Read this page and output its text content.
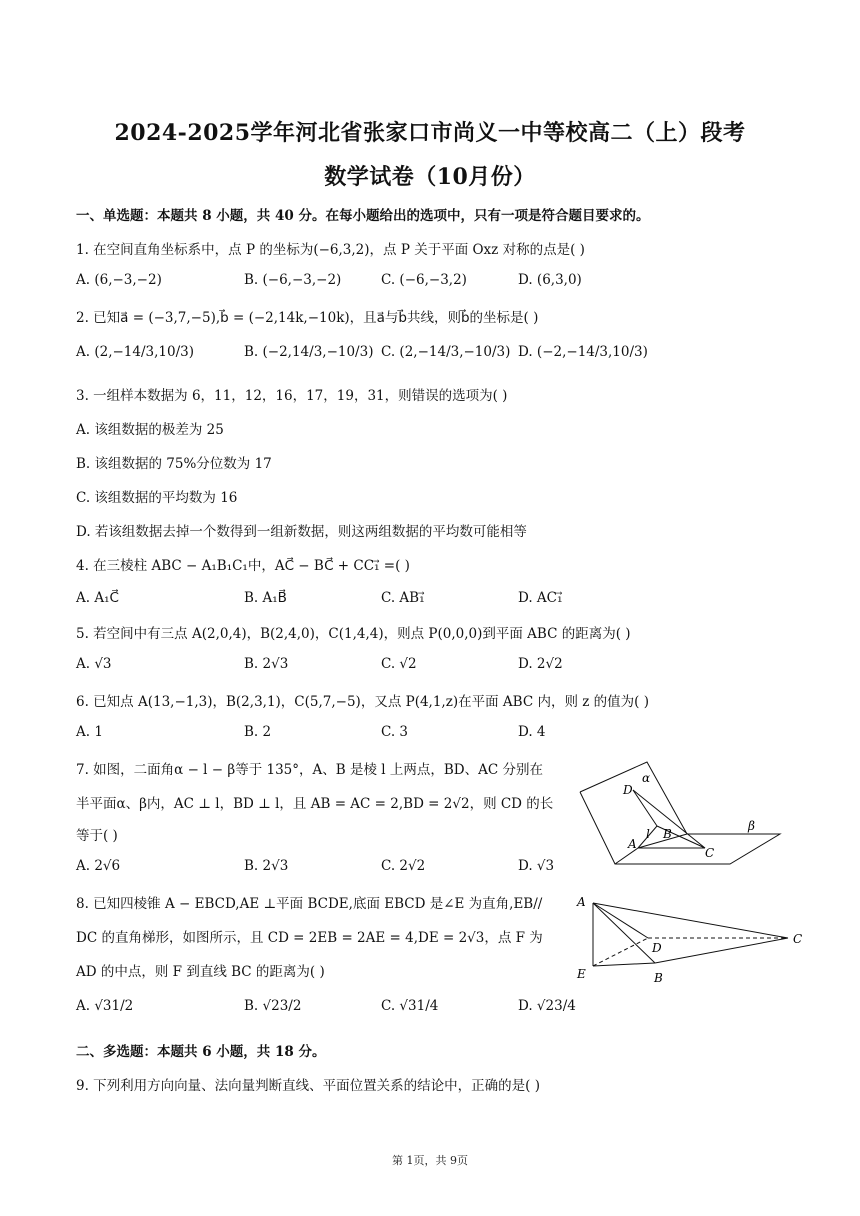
2024-2025学年河北省张家口市尚义一中等校高二（上）段考
数学试卷（10月份）
一、单选题：本题共 8 小题，共 40 分。在每小题给出的选项中，只有一项是符合题目要求的。
1. 在空间直角坐标系中，点 P 的坐标为(−6,3,2)，点 P 关于平面 Oxz 对称的点是( )
A. (6,−3,−2)	B. (−6,−3,−2)	C. (−6,−3,2)	D. (6,3,0)
2. 已知a⃗ = (−3,7,−5),b⃗ = (−2,14k,−10k)，且a⃗与b⃗共线，则b⃗的坐标是( )
A. (2,−14/3,10/3)	B. (−2,14/3,−10/3) C. (2,−14/3,−10/3) D. (−2,−14/3,10/3)
3. 一组样本数据为 6，11，12，16，17，19，31，则错误的选项为( )
A. 该组数据的极差为 25
B. 该组数据的 75%分位数为 17
C. 该组数据的平均数为 16
D. 若该组数据去掉一个数得到一组新数据，则这两组数据的平均数可能相等
4. 在三棱柱 ABC − A₁B₁C₁中，AC⃗ − BC⃗ + CC₁⃗ =( )
A. A₁C⃗	B. A₁B⃗	C. AB₁⃗	D. AC₁⃗
5. 若空间中有三点 A(2,0,4)，B(2,4,0)，C(1,4,4)，则点 P(0,0,0)到平面 ABC 的距离为( )
A. √3	B. 2√3	C. √2	D. 2√2
6. 已知点 A(13,−1,3)，B(2,3,1)，C(5,7,−5)，又点 P(4,1,z)在平面 ABC 内，则 z 的值为( )
A. 1	B. 2	C. 3	D. 4
7. 如图，二面角α − l − β等于 135°，A、B 是棱 l 上两点，BD、AC 分别在
半平面α、β内，AC ⊥ l，BD ⊥ l，且 AB = AC = 2,BD = 2√2，则 CD 的长
等于( )
A. 2√6	B. 2√3	C. 2√2	D. √3
D
α
A
l B
C
β
8. 已知四棱锥 A − EBCD,AE ⊥平面 BCDE,底面 EBCD 是∠E 为直角,EB//
DC 的直角梯形，如图所示，且 CD = 2EB = 2AE = 4,DE = 2√3，点 F 为
AD 的中点，则 F 到直线 BC 的距离为( )
A. √31/2	B. √23/2	C. √31/4	D. √23/4
A
D
C
E	B
二、多选题：本题共 6 小题，共 18 分。
9. 下列利用方向向量、法向量判断直线、平面位置关系的结论中，正确的是( )
第 1页，共 9页
